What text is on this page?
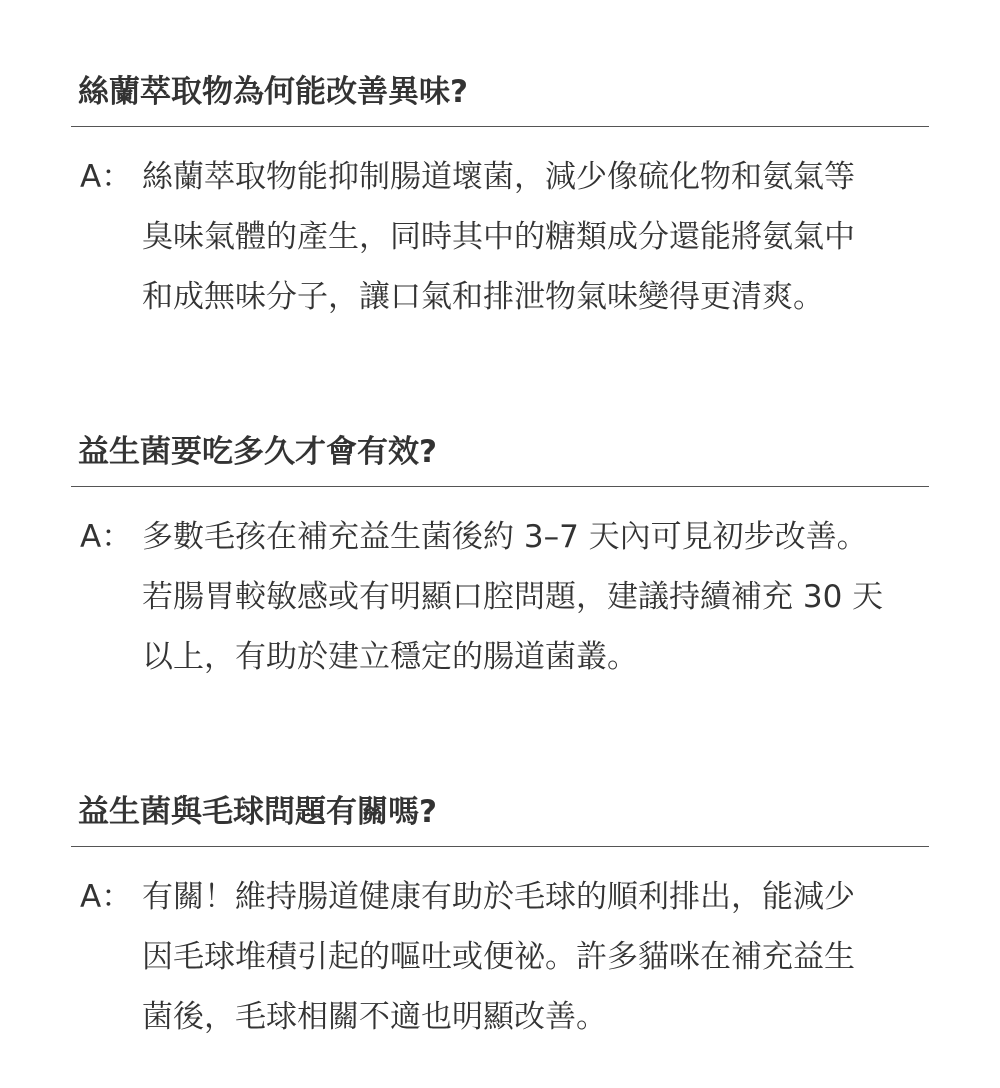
絲蘭萃取物為何能改善異味?
A： 絲蘭萃取物能抑制腸道壞菌，減少像硫化物和氨氣等
臭味氣體的產生，同時其中的糖類成分還能將氨氣中
和成無味分子，讓口氣和排泄物氣味變得更清爽。

益生菌要吃多久才會有效?
A： 多數毛孩在補充益生菌後約 3–7 天內可見初步改善。
若腸胃較敏感或有明顯口腔問題，建議持續補充 30 天
以上，有助於建立穩定的腸道菌叢。

益生菌與毛球問題有關嗎?
A： 有關！維持腸道健康有助於毛球的順利排出，能減少
因毛球堆積引起的嘔吐或便祕。許多貓咪在補充益生
菌後，毛球相關不適也明顯改善。
